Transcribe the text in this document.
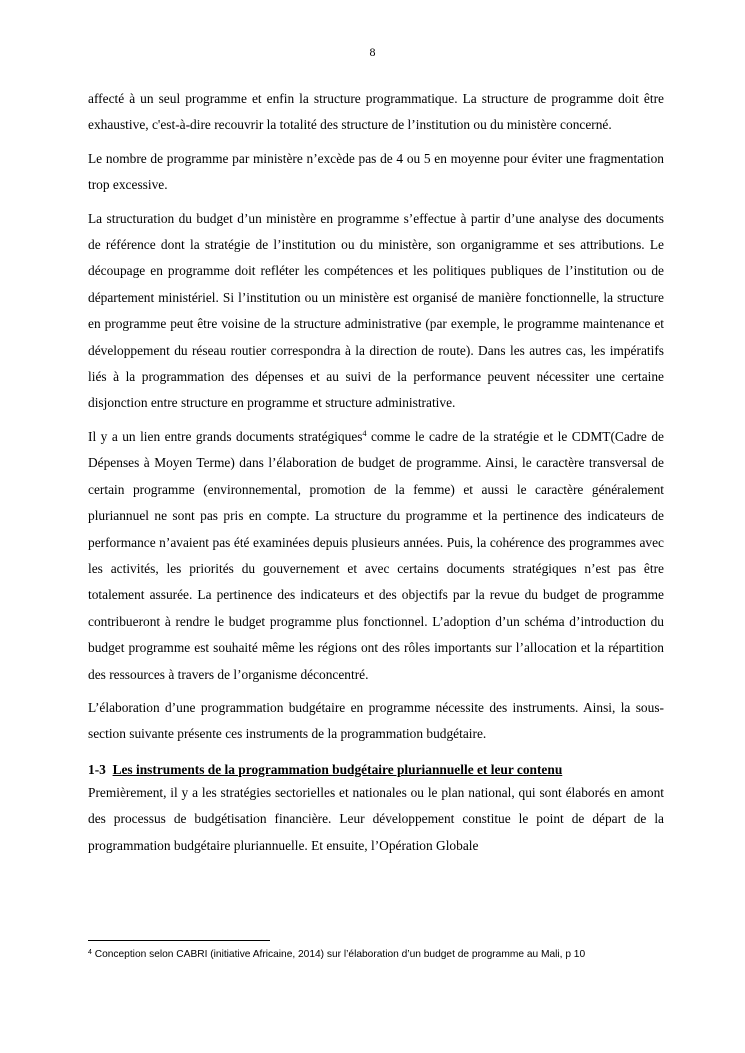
8

affecté à un seul programme et enfin la structure programmatique. La structure de programme doit être exhaustive, c'est-à-dire recouvrir la totalité des structure de l’institution ou du ministère concerné.

Le nombre de programme par ministère n’excède pas de 4 ou 5 en moyenne pour éviter une fragmentation trop excessive.

La structuration du budget d’un ministère en programme s’effectue à partir d’une analyse des documents de référence dont la stratégie de l’institution ou du ministère, son organigramme et ses attributions. Le découpage en programme doit refléter les compétences et les politiques publiques de l’institution ou de département ministériel. Si l’institution ou un ministère est organisé de manière fonctionnelle, la structure en programme peut être voisine de la structure administrative (par exemple, le programme maintenance et développement du réseau routier correspondra à la direction de route). Dans les autres cas, les impératifs liés à la programmation des dépenses et au suivi de la performance peuvent nécessiter une certaine disjonction entre structure en programme et structure administrative.

Il y a un lien entre grands documents stratégiques$^4$ comme le cadre de la stratégie et le CDMT(Cadre de Dépenses à Moyen Terme) dans l’élaboration de budget de programme. Ainsi, le caractère transversal de certain programme (environnemental, promotion de la femme) et aussi le caractère généralement pluriannuel ne sont pas pris en compte. La structure du programme et la pertinence des indicateurs de performance n’avaient pas été examinées depuis plusieurs années. Puis, la cohérence des programmes avec les activités, les priorités du gouvernement et avec certains documents stratégiques n’est pas être totalement assurée. La pertinence des indicateurs et des objectifs par la revue du budget de programme contribueront à rendre le budget programme plus fonctionnel. L’adoption d’un schéma d’introduction du budget programme est souhaité même les régions ont des rôles importants sur l’allocation et la répartition des ressources à travers de l’organisme déconcentré.

L’élaboration d’une programmation budgétaire en programme nécessite des instruments. Ainsi, la sous-section suivante présente ces instruments de la programmation budgétaire.

1-3 Les instruments de la programmation budgétaire pluriannuelle et leur contenu

Premièrement, il y a les stratégies sectorielles et nationales ou le plan national, qui sont élaborés en amont des processus de budgétisation financière. Leur développement constitue le point de départ de la programmation budgétaire pluriannuelle. Et ensuite, l’Opération Globale

$^4$ Conception selon CABRI (initiative Africaine, 2014) sur l’élaboration d’un budget de programme au Mali, p 10
